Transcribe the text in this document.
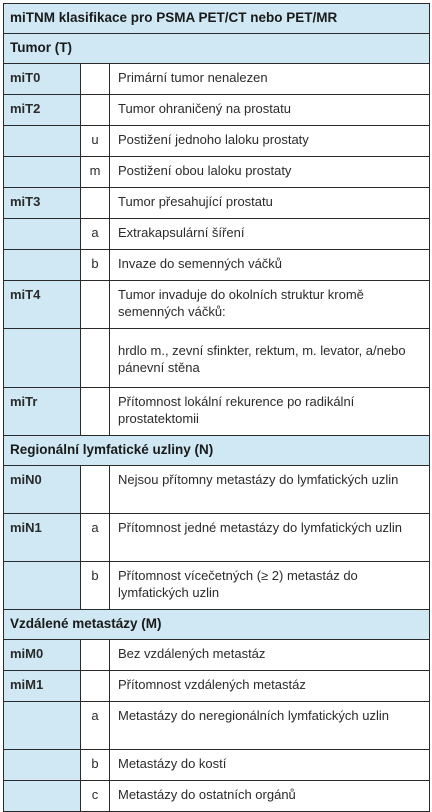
miTNM klasifikace pro PSMA PET/CT nebo PET/MR		
Tumor (T)		
miT0		Primární tumor nenalezen
miT2		Tumor ohraničený na prostatu
	u	Postižení jednoho laloku prostaty
	m	Postižení obou laloku prostaty
miT3		Tumor přesahující prostatu
	a	Extrakapsulární šíření
	b	Invaze do semenných váčků
miT4		Tumor invaduje do okolních struktur kromě semenných váčků:
		hrdlo m., zevní sfinkter, rektum, m. levator, a/nebo pánevní stěna
miTr		Přítomnost lokální rekurence po radikální prostatektomii
Regionální lymfatické uzliny (N)		
miN0		Nejsou přítomny metastázy do lymfatických uzlin
miN1	a	Přítomnost jedné metastázy do lymfatických uzlin
	b	Přítomnost vícečetných (≥ 2) metastáz do lymfatických uzlin
Vzdálené metastázy (M)		
miM0		Bez vzdálených metastáz
miM1		Přítomnost vzdálených metastáz
	a	Metastázy do neregionálních lymfatických uzlin
	b	Metastázy do kostí
	c	Metastázy do ostatních orgánů
